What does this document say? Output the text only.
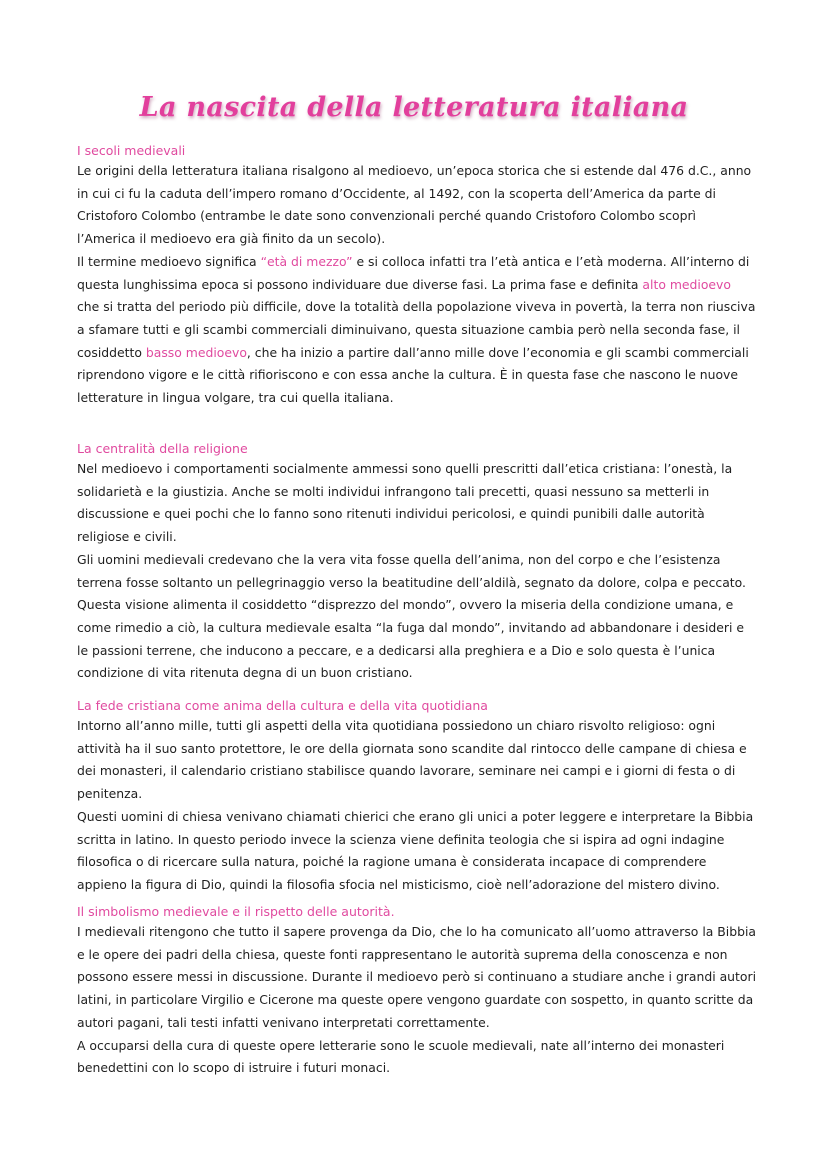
La nascita della letteratura italiana

I secoli medievali

Le origini della letteratura italiana risalgono al medioevo, un’epoca storica che si estende dal 476 d.C., anno in cui ci fu la caduta dell’impero romano d’Occidente, al 1492, con la scoperta dell’America da parte di Cristoforo Colombo (entrambe le date sono convenzionali perché quando Cristoforo Colombo scoprì l’America il medioevo era già finito da un secolo).

Il termine medioevo significa “età di mezzo” e si colloca infatti tra l’età antica e l’età moderna. All’interno di questa lunghissima epoca si possono individuare due diverse fasi. La prima fase e definita alto medioevo che si tratta del periodo più difficile, dove la totalità della popolazione viveva in povertà, la terra non riusciva a sfamare tutti e gli scambi commerciali diminuivano, questa situazione cambia però nella seconda fase, il cosiddetto basso medioevo, che ha inizio a partire dall’anno mille dove l’economia e gli scambi commerciali riprendono vigore e le città rifioriscono e con essa anche la cultura. È in questa fase che nascono le nuove letterature in lingua volgare, tra cui quella italiana.

La centralità della religione

Nel medioevo i comportamenti socialmente ammessi sono quelli prescritti dall’etica cristiana: l’onestà, la solidarietà e la giustizia. Anche se molti individui infrangono tali precetti, quasi nessuno sa metterli in discussione e quei pochi che lo fanno sono ritenuti individui pericolosi, e quindi punibili dalle autorità religiose e civili.

Gli uomini medievali credevano che la vera vita fosse quella dell’anima, non del corpo e che l’esistenza terrena fosse soltanto un pellegrinaggio verso la beatitudine dell’aldilà, segnato da dolore, colpa e peccato. Questa visione alimenta il cosiddetto “disprezzo del mondo”, ovvero la miseria della condizione umana, e come rimedio a ciò, la cultura medievale esalta “la fuga dal mondo”, invitando ad abbandonare i desideri e le passioni terrene, che inducono a peccare, e a dedicarsi alla preghiera e a Dio e solo questa è l’unica condizione di vita ritenuta degna di un buon cristiano.

La fede cristiana come anima della cultura e della vita quotidiana

Intorno all’anno mille, tutti gli aspetti della vita quotidiana possiedono un chiaro risvolto religioso: ogni attività ha il suo santo protettore, le ore della giornata sono scandite dal rintocco delle campane di chiesa e dei monasteri, il calendario cristiano stabilisce quando lavorare, seminare nei campi e i giorni di festa o di penitenza.

Questi uomini di chiesa venivano chiamati chierici che erano gli unici a poter leggere e interpretare la Bibbia scritta in latino. In questo periodo invece la scienza viene definita teologia che si ispira ad ogni indagine filosofica o di ricercare sulla natura, poiché la ragione umana è considerata incapace di comprendere appieno la figura di Dio, quindi la filosofia sfocia nel misticismo, cioè nell’adorazione del mistero divino.

Il simbolismo medievale e il rispetto delle autorità.

I medievali ritengono che tutto il sapere provenga da Dio, che lo ha comunicato all’uomo attraverso la Bibbia e le opere dei padri della chiesa, queste fonti rappresentano le autorità suprema della conoscenza e non possono essere messi in discussione. Durante il medioevo però si continuano a studiare anche i grandi autori latini, in particolare Virgilio e Cicerone ma queste opere vengono guardate con sospetto, in quanto scritte da autori pagani, tali testi infatti venivano interpretati correttamente.

A occuparsi della cura di queste opere letterarie sono le scuole medievali, nate all’interno dei monasteri benedettini con lo scopo di istruire i futuri monaci.
